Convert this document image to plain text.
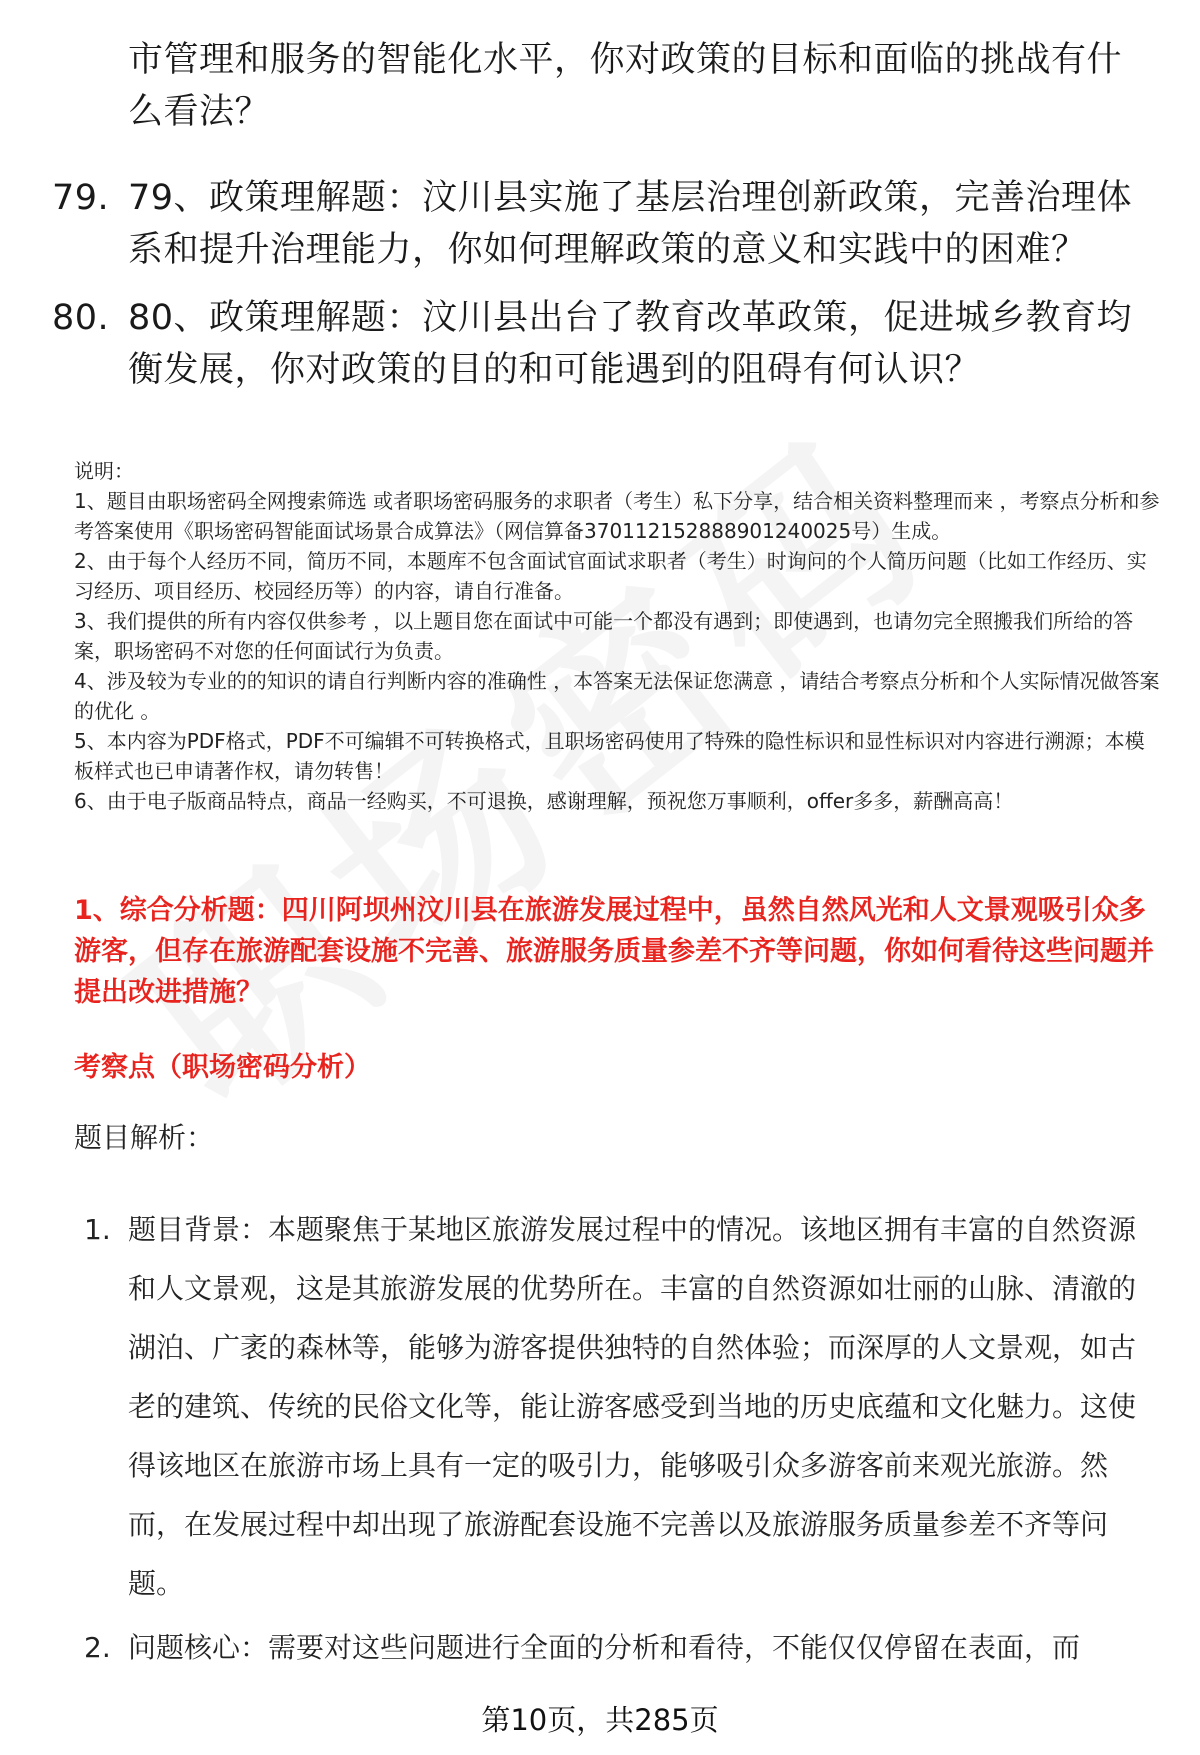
市管理和服务的智能化水平，你对政策的目标和面临的挑战有什么看法？
79. 79、政策理解题：汶川县实施了基层治理创新政策，完善治理体系和提升治理能力，你如何理解政策的意义和实践中的困难？
80. 80、政策理解题：汶川县出台了教育改革政策，促进城乡教育均衡发展，你对政策的目的和可能遇到的阻碍有何认识？

说明：

1、题目由职场密码全网搜索筛选 或者职场密码服务的求职者（考生）私下分享，结合相关资料整理而来 ，考察点分析和参考答案使用《职场密码智能面试场景合成算法》（网信算备370112152888901240025号）生成。

2、由于每个人经历不同，简历不同，本题库不包含面试官面试求职者（考生）时询问的个人简历问题（比如工作经历、实习经历、项目经历、校园经历等）的内容，请自行准备。

3、我们提供的所有内容仅供参考 ，以上题目您在面试中可能一个都没有遇到；即使遇到，也请勿完全照搬我们所给的答案，职场密码不对您的任何面试行为负责。

4、涉及较为专业的的知识的请自行判断内容的准确性 ，本答案无法保证您满意 ，请结合考察点分析和个人实际情况做答案的优化 。

5、本内容为PDF格式，PDF不可编辑不可转换格式，且职场密码使用了特殊的隐性标识和显性标识对内容进行溯源；本模板样式也已申请著作权，请勿转售！

6、由于电子版商品特点，商品一经购买，不可退换，感谢理解，预祝您万事顺利，offer多多，薪酬高高！

1、综合分析题：四川阿坝州汶川县在旅游发展过程中，虽然自然风光和人文景观吸引众多游客，但存在旅游配套设施不完善、旅游服务质量参差不齐等问题，你如何看待这些问题并提出改进措施？
考察点（职场密码分析）
题目解析：
1. 题目背景：本题聚焦于某地区旅游发展过程中的情况。该地区拥有丰富的自然资源和人文景观，这是其旅游发展的优势所在。丰富的自然资源如壮丽的山脉、清澈的湖泊、广袤的森林等，能够为游客提供独特的自然体验；而深厚的人文景观，如古老的建筑、传统的民俗文化等，能让游客感受到当地的历史底蕴和文化魅力。这使得该地区在旅游市场上具有一定的吸引力，能够吸引众多游客前来观光旅游。然而，在发展过程中却出现了旅游配套设施不完善以及旅游服务质量参差不齐等问题。
2. 问题核心：需要对这些问题进行全面的分析和看待，不能仅仅停留在表面，而
第10页，共285页
